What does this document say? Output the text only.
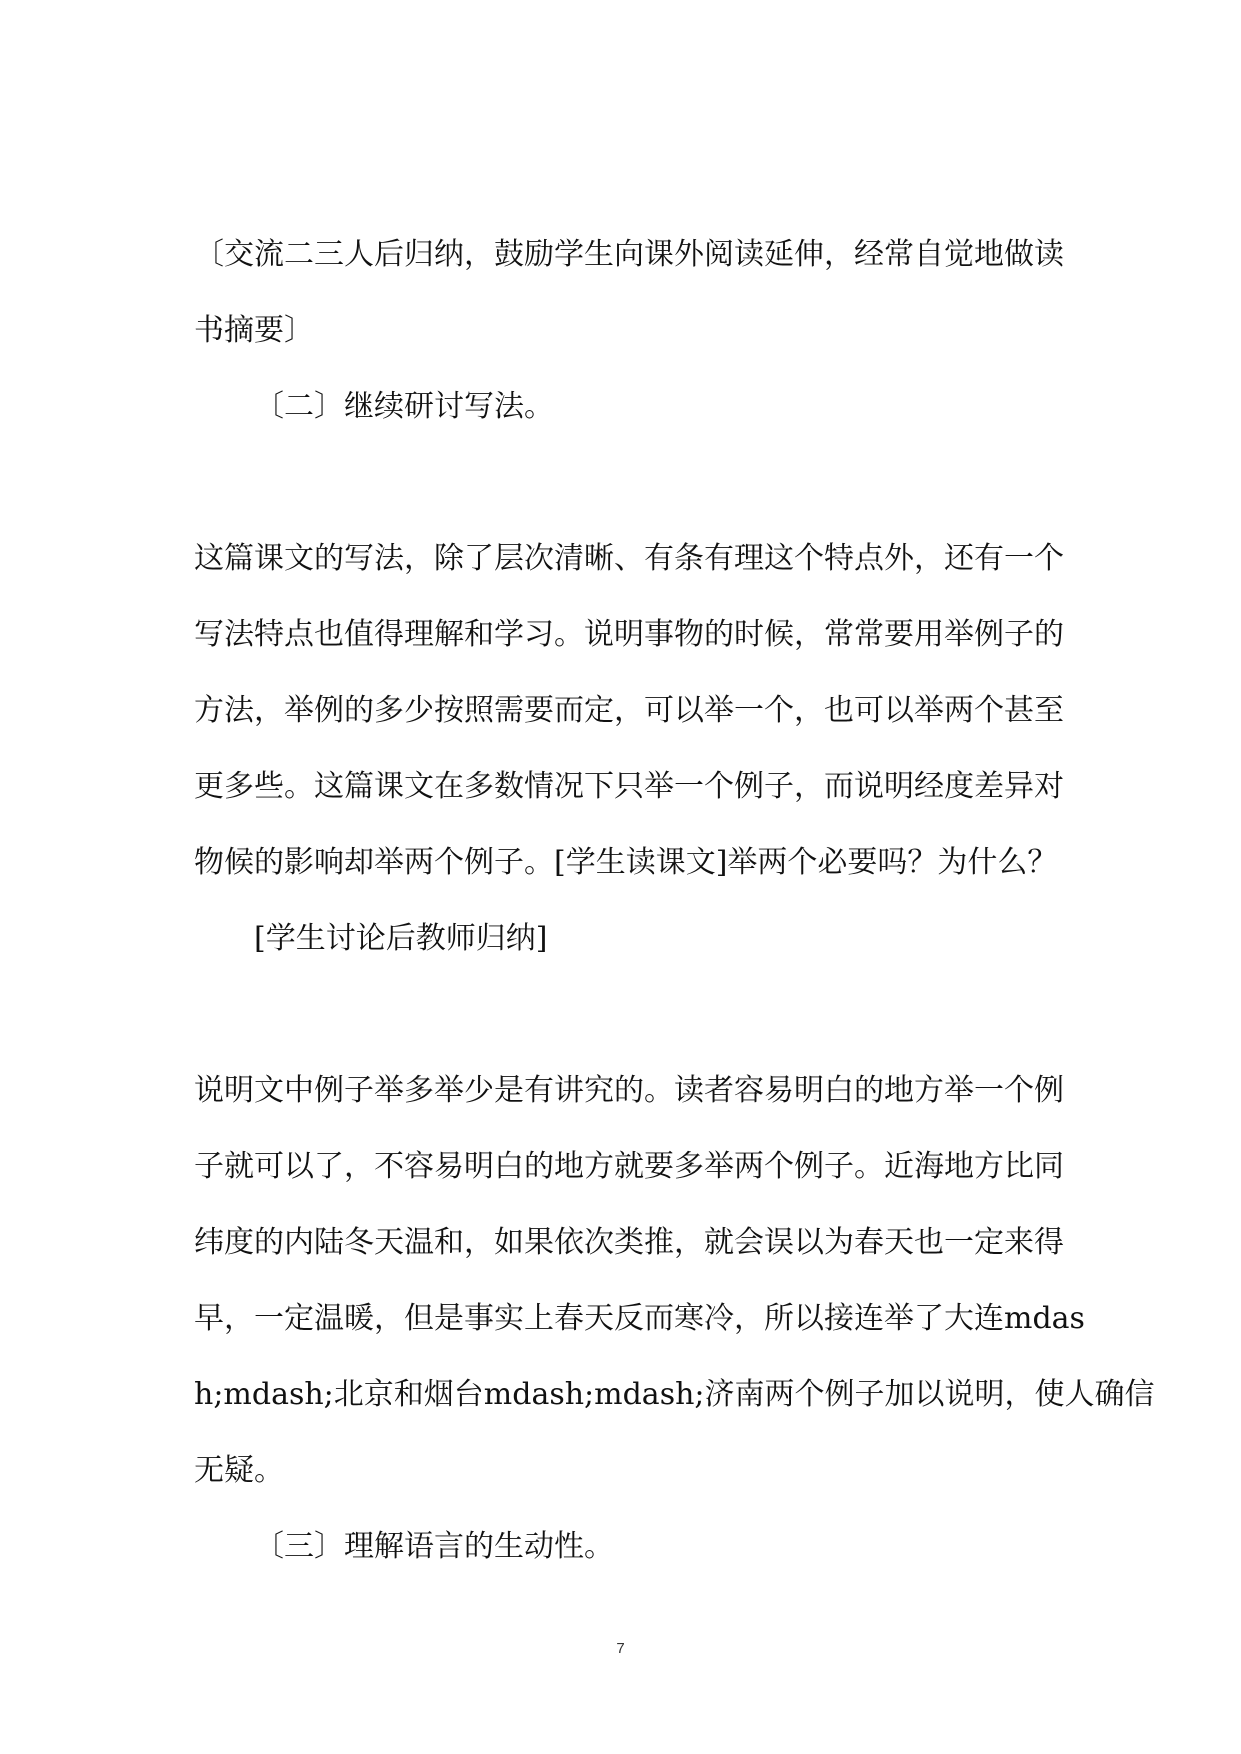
〔交流二三人后归纳，鼓励学生向课外阅读延伸，经常自觉地做读
书摘要〕
〔二〕继续研讨写法。
这篇课文的写法，除了层次清晰、有条有理这个特点外，还有一个
写法特点也值得理解和学习。说明事物的时候，常常要用举例子的
方法，举例的多少按照需要而定，可以举一个，也可以举两个甚至
更多些。这篇课文在多数情况下只举一个例子，而说明经度差异对
物候的影响却举两个例子。[学生读课文]举两个必要吗？为什么？
[学生讨论后教师归纳]
说明文中例子举多举少是有讲究的。读者容易明白的地方举一个例
子就可以了，不容易明白的地方就要多举两个例子。近海地方比同
纬度的内陆冬天温和，如果依次类推，就会误以为春天也一定来得
早，一定温暖，但是事实上春天反而寒冷，所以接连举了大连mdas
h;mdash;北京和烟台mdash;mdash;济南两个例子加以说明，使人确信
无疑。
〔三〕理解语言的生动性。
7
